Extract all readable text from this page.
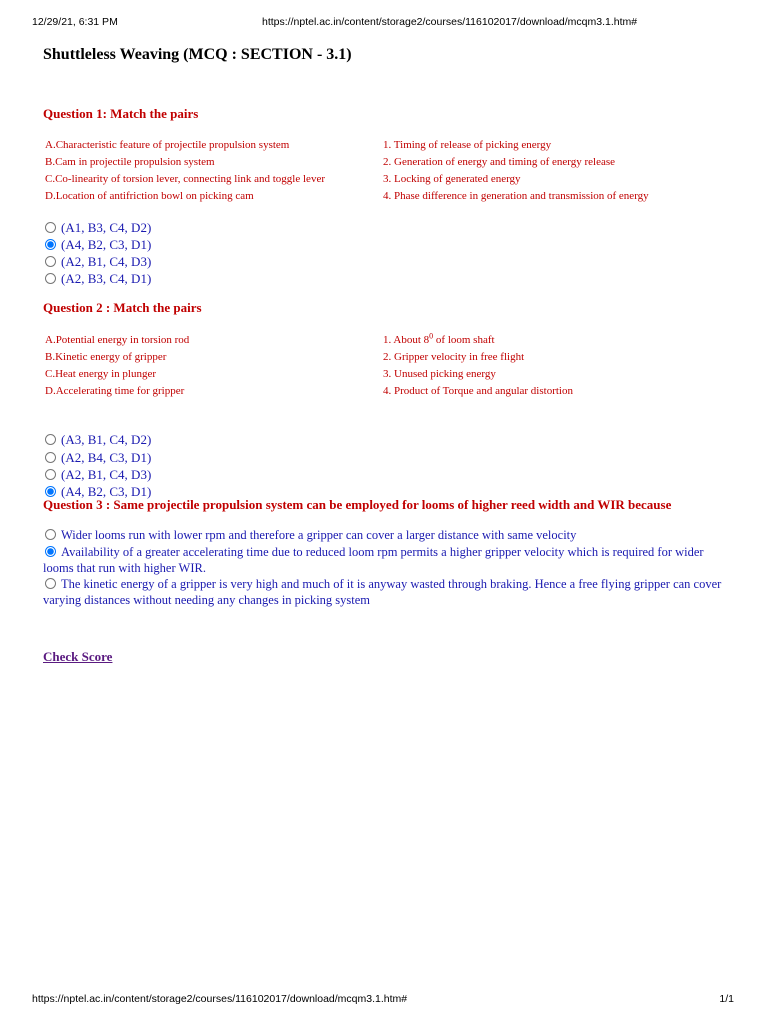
12/29/21, 6:31 PM	https://nptel.ac.in/content/storage2/courses/116102017/download/mcqm3.1.htm#
Shuttleless Weaving (MCQ : SECTION - 3.1)
Question 1: Match the pairs
A.Characteristic feature of projectile propulsion system	1. Timing of release of picking energy
B.Cam in projectile propulsion system	2. Generation of energy and timing of energy release
C.Co-linearity of torsion lever, connecting link and toggle lever	3. Locking of generated energy
D.Location of antifriction bowl on picking cam	4. Phase difference in generation and transmission of energy
(A1, B3, C4, D2)
(A4, B2, C3, D1)
(A2, B1, C4, D3)
(A2, B3, C4, D1)
Question 2 : Match the pairs
A.Potential energy in torsion rod	1. About $8^0$ of loom shaft
B.Kinetic energy of gripper	2. Gripper velocity in free flight
C.Heat energy in plunger	3. Unused picking energy
D.Accelerating time for gripper	4. Product of Torque and angular distortion
(A3, B1, C4, D2)
(A2, B4, C3, D1)
(A2, B1, C4, D3)
(A4, B2, C3, D1)
Question 3 : Same projectile propulsion system can be employed for looms of higher reed width and WIR because
Wider looms run with lower rpm and therefore a gripper can cover a larger distance with same velocity
Availability of a greater accelerating time due to reduced loom rpm permits a higher gripper velocity which is required for wider looms that run with higher WIR.
The kinetic energy of a gripper is very high and much of it is anyway wasted through braking. Hence a free flying gripper can cover varying distances without needing any changes in picking system
Check Score
https://nptel.ac.in/content/storage2/courses/116102017/download/mcqm3.1.htm#	1/1
